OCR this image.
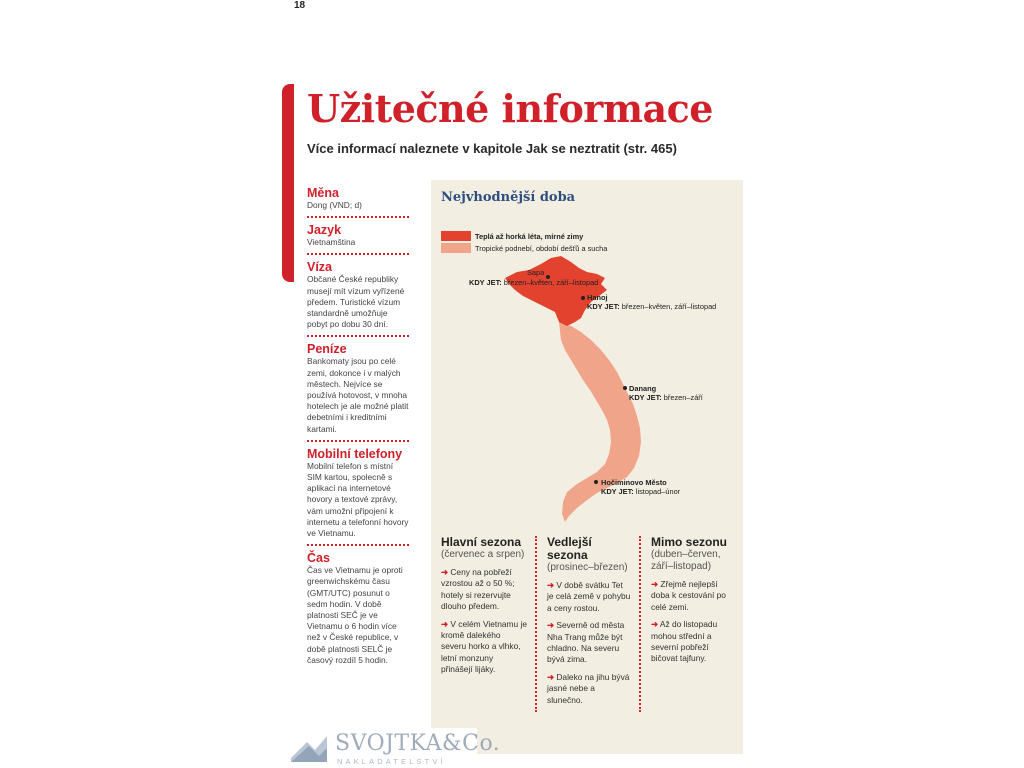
18
Užitečné informace
Více informací naleznete v kapitole Jak se neztratit (str. 465)
Měna
Dong (VND; d)
Jazyk
Vietnamština
Víza
Občané České republiky musejí mít vízum vyřízené předem. Turistické vízum standardně umožňuje pobyt po dobu 30 dní.
Peníze
Bankomaty jsou po celé zemi, dokonce i v malých městech. Nejvíce se používá hotovost, v mnoha hotelech je ale možné platit debetními i kreditními kartami.
Mobilní telefony
Mobilní telefon s místní SIM kartou, spolecně s aplikací na internetové hovory a textové zprávy, vám umožní připojení k internetu a telefonní hovory ve Vietnamu.
Čas
Čas ve Vietnamu je oproti greenwichskému času (GMT/UTC) posunut o sedm hodin. V době platnosti SEČ je ve Vietnamu o 6 hodin více než v České republice, v době platnosti SELČ je časový rozdíl 5 hodin.
Nejvhodnější doba
Teplá až horká léta, mírné zimy
Tropické podnebí, období dešťů a sucha
Sapa
KDY JET: březen–květen, září–listopad
Hanoj
KDY JET: březen–květen, září–listopad
Danang
KDY JET: březen–září
Hočiminovo Město
KDY JET: listopad–únor
Hlavní sezona
(červenec a srpen)
➜ Ceny na pobřeží vzrostou až o 50 %; hotely si rezervujte dlouho předem.
➜ V celém Vietnamu je kromě dalekého severu horko a vlhko, letní monzuny přinášejí lijáky.
Vedlejší sezona
(prosinec–březen)
➜ V době svátku Tet je celá země v pohybu a ceny rostou.
➜ Severně od města Nha Trang může být chladno. Na severu bývá zima.
➜ Daleko na jihu bývá jasné nebe a slunečno.
Mimo sezonu
(duben–červen, září–listopad)
➜ Zřejmě nejlepší doba k cestování po celé zemi.
➜ Až do listopadu mohou střední a severní pobřeží bičovat tajfuny.
SVOJTKA&Co.
NAKLADATELSTVÍ
